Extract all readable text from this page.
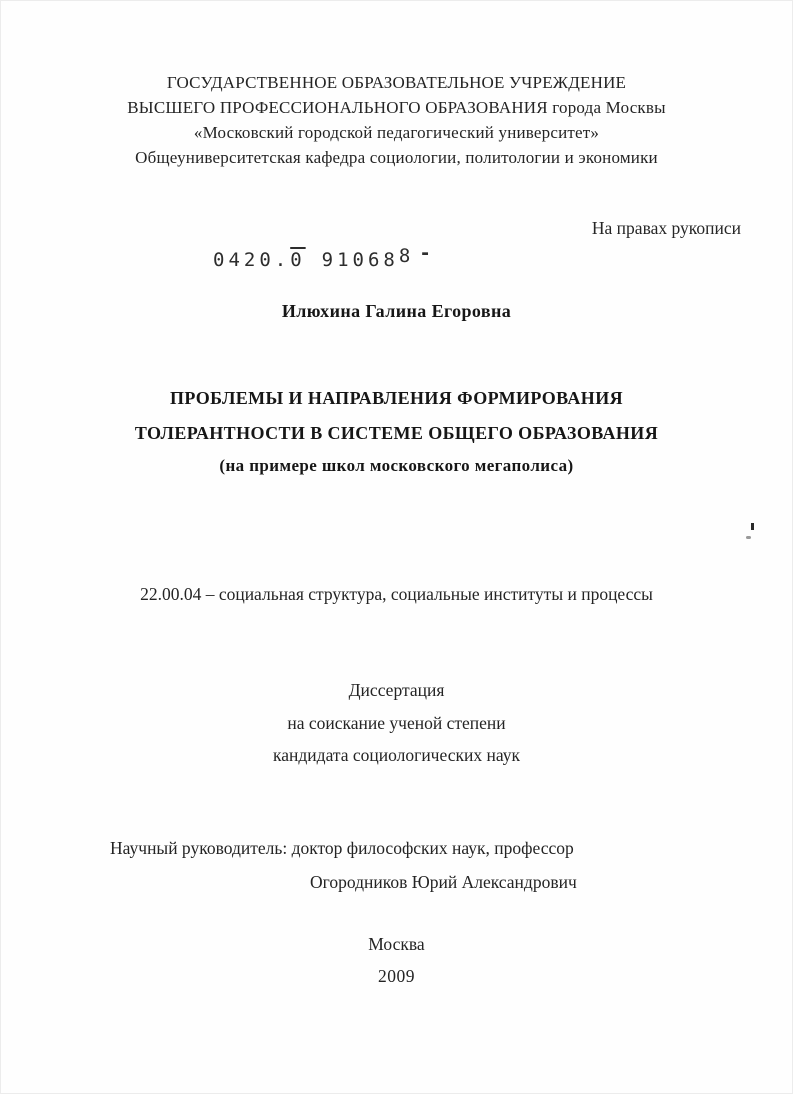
ГОСУДАРСТВЕННОЕ ОБРАЗОВАТЕЛЬНОЕ УЧРЕЖДЕНИЕ
ВЫСШЕГО ПРОФЕССИОНАЛЬНОГО ОБРАЗОВАНИЯ города Москвы
«Московский городской педагогический университет»
Общеуниверситетская кафедра социологии, политологии и экономики
На правах рукописи
0420.0 910688 -
Илюхина Галина Егоровна
ПРОБЛЕМЫ И НАПРАВЛЕНИЯ ФОРМИРОВАНИЯ
ТОЛЕРАНТНОСТИ В СИСТЕМЕ ОБЩЕГО ОБРАЗОВАНИЯ
(на примере школ московского мегаполиса)
22.00.04 – социальная структура, социальные институты и процессы
Диссертация
на соискание ученой степени
кандидата социологических наук
Научный руководитель: доктор философских наук, профессор
Огородников Юрий Александрович
Москва
2009
